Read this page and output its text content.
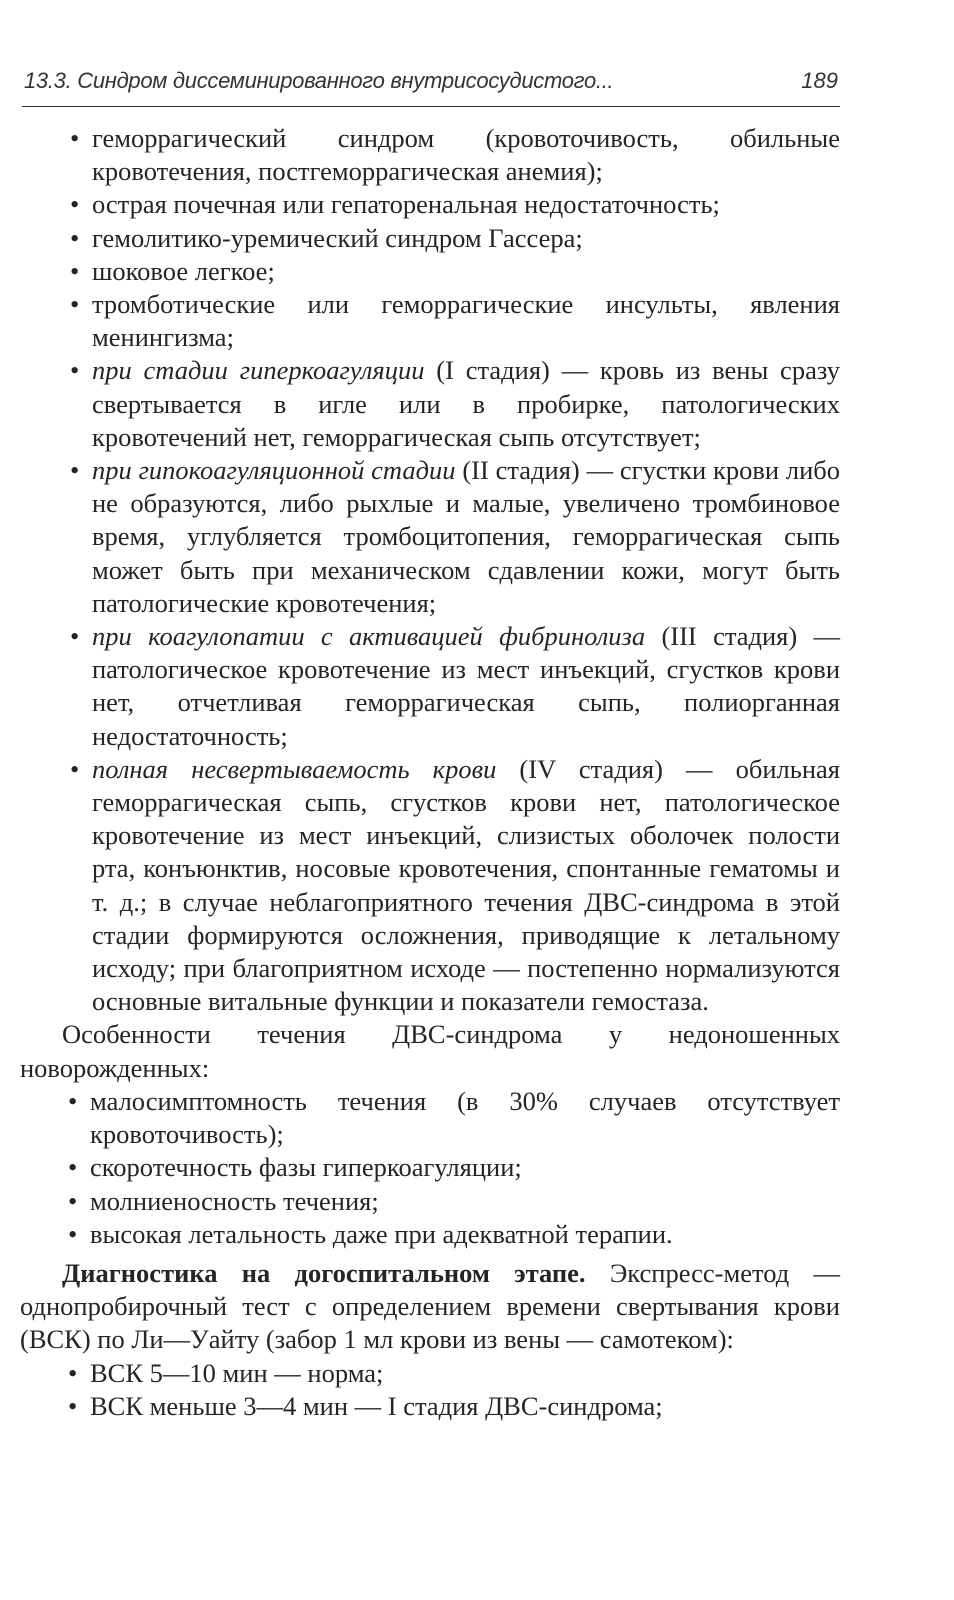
13.3. Синдром диссеминированного внутрисосудистого...	189
• геморрагический синдром (кровоточивость, обильные кровотечения, постгеморрагическая анемия);
• острая почечная или гепаторенальная недостаточность;
• гемолитико-уремический синдром Гассера;
• шоковое легкое;
• тромботические или геморрагические инсульты, явления менингизма;
• при стадии гиперкоагуляции (I стадия) — кровь из вены сразу свертывается в игле или в пробирке, патологических кровотечений нет, геморрагическая сыпь отсутствует;
• при гипокоагуляционной стадии (II стадия) — сгустки крови либо не образуются, либо рыхлые и малые, увеличено тромбиновое время, углубляется тромбоцитопения, геморрагическая сыпь может быть при механическом сдавлении кожи, могут быть патологические кровотечения;
• при коагулопатии с активацией фибринолиза (III стадия) — патологическое кровотечение из мест инъекций, сгустков крови нет, отчетливая геморрагическая сыпь, полиорганная недостаточность;
• полная несвертываемость крови (IV стадия) — обильная геморрагическая сыпь, сгустков крови нет, патологическое кровотечение из мест инъекций, слизистых оболочек полости рта, конъюнктив, носовые кровотечения, спонтанные гематомы и т. д.; в случае неблагоприятного течения ДВС-синдрома в этой стадии формируются осложнения, приводящие к летальному исходу; при благоприятном исходе — постепенно нормализуются основные витальные функции и показатели гемостаза.

Особенности течения ДВС-синдрома у недоношенных новорожденных:

• малосимптомность течения (в 30% случаев отсутствует кровоточивость);
• скоротечность фазы гиперкоагуляции;
• молниеносность течения;
• высокая летальность даже при адекватной терапии.

Диагностика на догоспитальном этапе. Экспресс-метод — однопробирочный тест с определением времени свертывания крови (ВСК) по Ли—Уайту (забор 1 мл крови из вены — самотеком):

• ВСК 5—10 мин — норма;
• ВСК меньше 3—4 мин — I стадия ДВС-синдрома;
